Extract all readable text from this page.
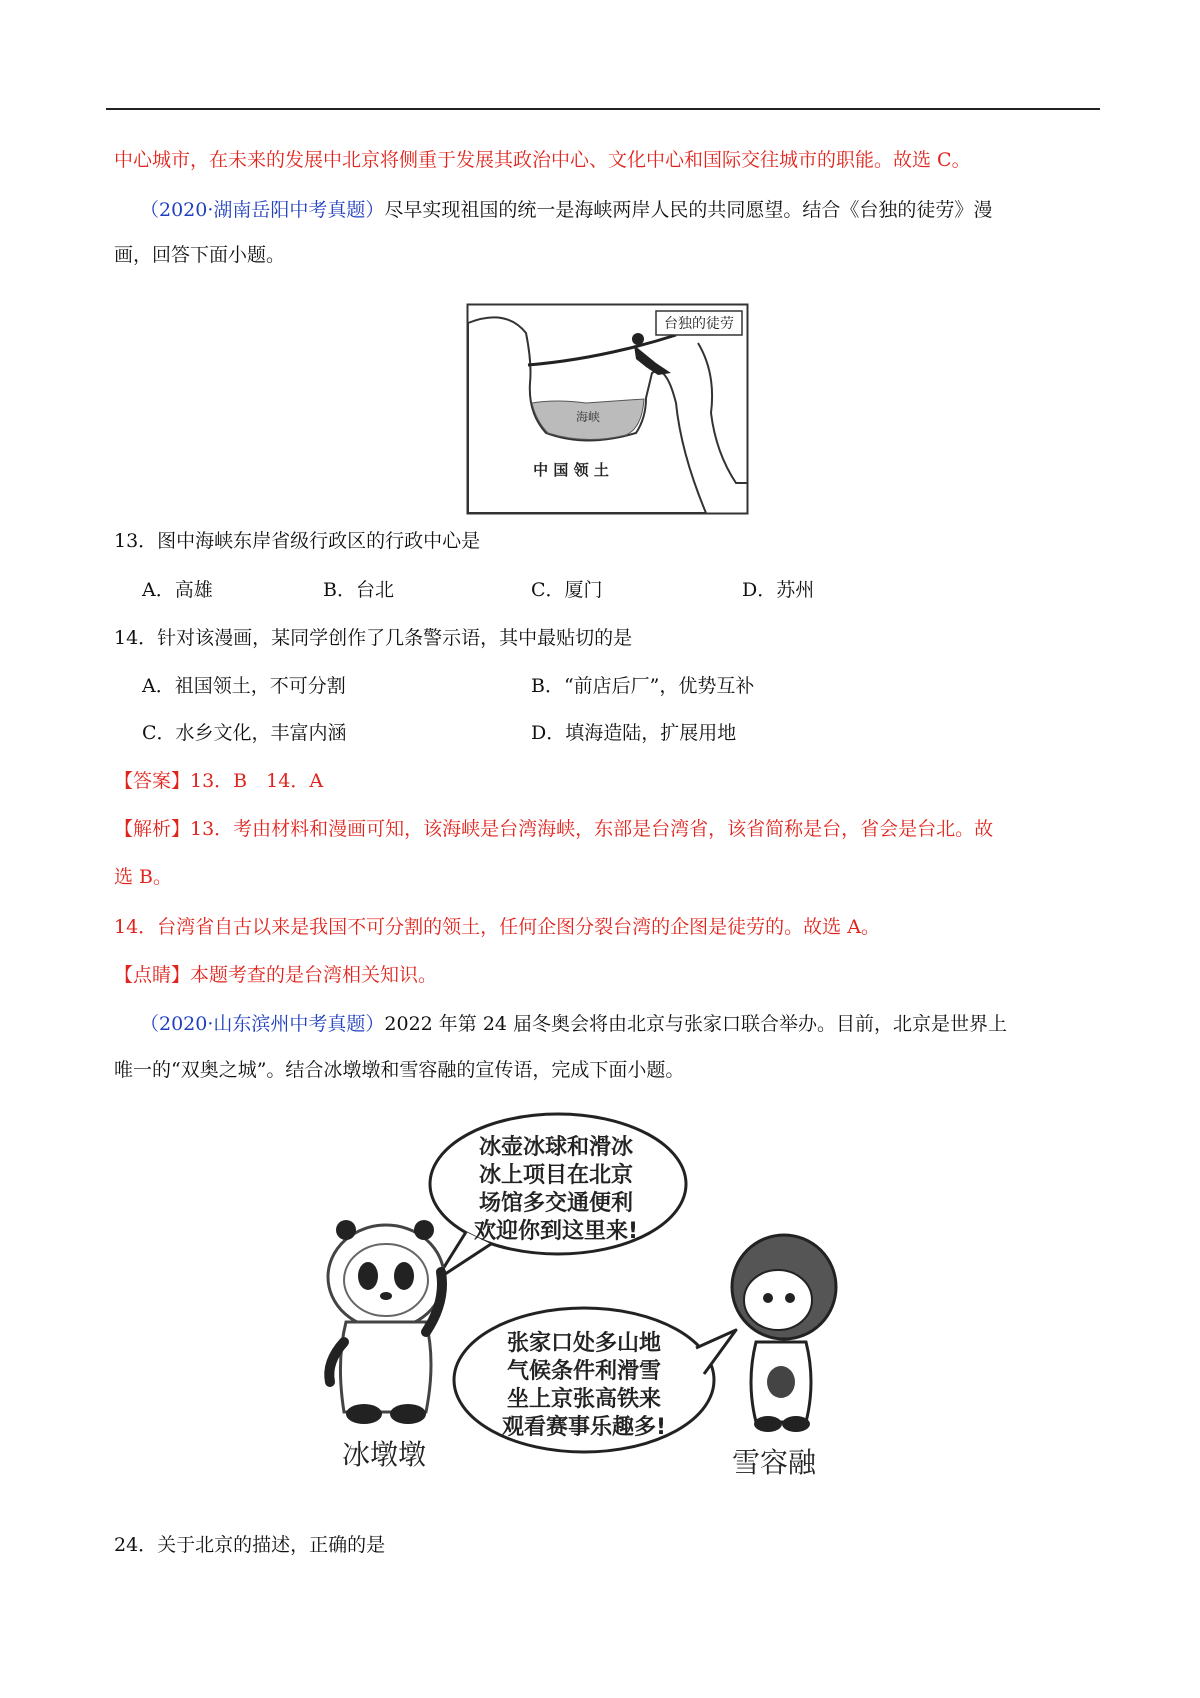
中心城市，在未来的发展中北京将侧重于发展其政治中心、文化中心和国际交往城市的职能。故选 C。
（2020·湖南岳阳中考真题）尽早实现祖国的统一是海峡两岸人民的共同愿望。结合《台独的徒劳》漫
画，回答下面小题。
台独的徒劳
海峡
中 国 领 土
13．图中海峡东岸省级行政区的行政中心是
A．高雄	B．台北	C．厦门	D．苏州
14．针对该漫画，某同学创作了几条警示语，其中最贴切的是
A．祖国领土，不可分割	B．“前店后厂”，优势互补
C．水乡文化，丰富内涵	D．填海造陆，扩展用地
【答案】13．B　14．A
【解析】13．考由材料和漫画可知，该海峡是台湾海峡，东部是台湾省，该省简称是台，省会是台北。故
选 B。
14．台湾省自古以来是我国不可分割的领土，任何企图分裂台湾的企图是徒劳的。故选 A。
【点睛】本题考查的是台湾相关知识。
（2020·山东滨州中考真题）2022 年第 24 届冬奥会将由北京与张家口联合举办。目前，北京是世界上
唯一的“双奥之城”。结合冰墩墩和雪容融的宣传语，完成下面小题。
冰壶冰球和滑冰
冰上项目在北京
场馆多交通便利
欢迎你到这里来!
冰墩墩
张家口处多山地
气候条件利滑雪
坐上京张高铁来
观看赛事乐趣多!
雪容融
24．关于北京的描述，正确的是
